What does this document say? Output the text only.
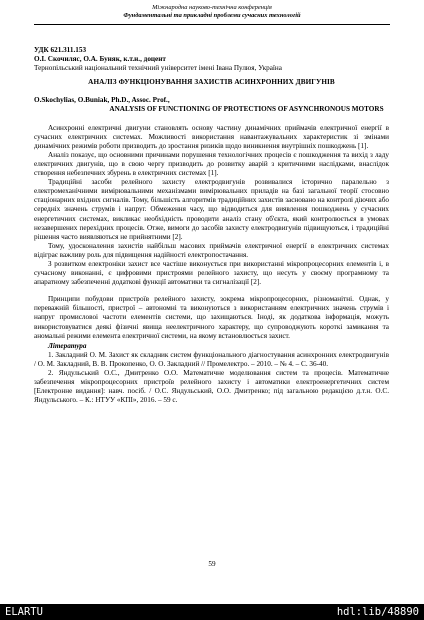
Міжнародна науково-технічна конференція
Фундаментальні та прикладні проблеми сучасних технологій

УДК 621.311.153

О.І. Скочиляс, О.А. Буняк, к.т.н., доцент

Тернопільський національний технічний університет імені Івана Пулюя, Україна

АНАЛІЗ ФУНКЦІОНУВАННЯ ЗАХИСТІВ АСИНХРОННИХ ДВИГУНІВ

O.Skochylias, O.Buniak, Ph.D., Assoc. Prof.,

ANALYSIS OF FUNCTIONING OF PROTECTIONS OF ASYNCHRONOUS MOTORS

Асинхронні електричні двигуни становлять основу частину динамічних приймачів електричної енергії в сучасних електричних системах. Можливості використання навантажувальних характеристик зі змінами динамічних режимів роботи призводить до зростання ризиків щодо виникнення внутрішніх пошкоджень [1].

Аналіз показує, що основними причинами порушення технологічних процесів є пошкодження та вихід з ладу електричних двигунів, що в свою чергу призводить до розвитку аварій з критичними наслідками, внаслідок створення небезпечних збурень в електричних системах [1].

Традиційні засоби релейного захисту електродвигунів розвивалися історично паралельно з електромеханічними вимірювальними механізмами вимірювальних приладів на базі загальної теорії стосовно стаціонарних вхідних сигналів. Тому, більшість алгоритмів традиційних захистів засновано на контролі діючих або середніх значень струмів і напруг. Обмеження часу, що відводиться для виявлення пошкоджень у сучасних енергетичних системах, викликає необхідність проводити аналіз стану об'єкта, який контролюється в умовах незавершених перехідних процесів. Отже, вимоги до засобів захисту електродвигунів підвищуються, і традиційні рішення часто виявляються не прийнятними [2].

Тому, удосконалення захистів найбільш масових приймачів електричної енергії в електричних системах відіграє важливу роль для підвищення надійності електропостачання.

З розвитком електроніки захист все частіше виконується при використанні мікропроцесорних елементів і, в сучасному виконанні, є цифровими пристроями релейного захисту, що несуть у своєму програмному та апаратному забезпеченні додаткові функції автоматики та сигналізації [2].

Принципи побудови пристроїв релейного захисту, зокрема мікропроцесорних, різноманітні. Однак, у переважній більшості, пристрої – автономні та виконуються з використанням електричних значень струмів і напруг промисловоі частоти елементів системи, що захищаються. Іноді, як додаткова інформація, можуть використовуватися деякі фізичні явища неелектричного характеру, що супроводжують короткі замикання та аномальні режими елемента електричної системи, на якому встановлюється захист.

Література

1. Закладний О. М. Захист як складник систем функціонального діагностування асинхронних електродвигунів / О. М. Закладний, В. В. Прокопенко, О. О. Закладний // Промелектро. – 2010. – № 4. – С. 36-40.

2. Яндульський О.С., Дмитренко О.О. Математичне моделювання систем та процесів. Математичне забезпечення мікропроцесорних пристроїв релейного захисту і автоматики електроенергетичних систем [Електронне видання]: навч. посіб. / О.С. Яндульський, О.О. Дмитренко; під загальною редакцією д.т.н. О.С. Яндульського. – К.: НТУУ «КПІ», 2016. – 59 с.

59
ELARTU	hdl:lib/48890
